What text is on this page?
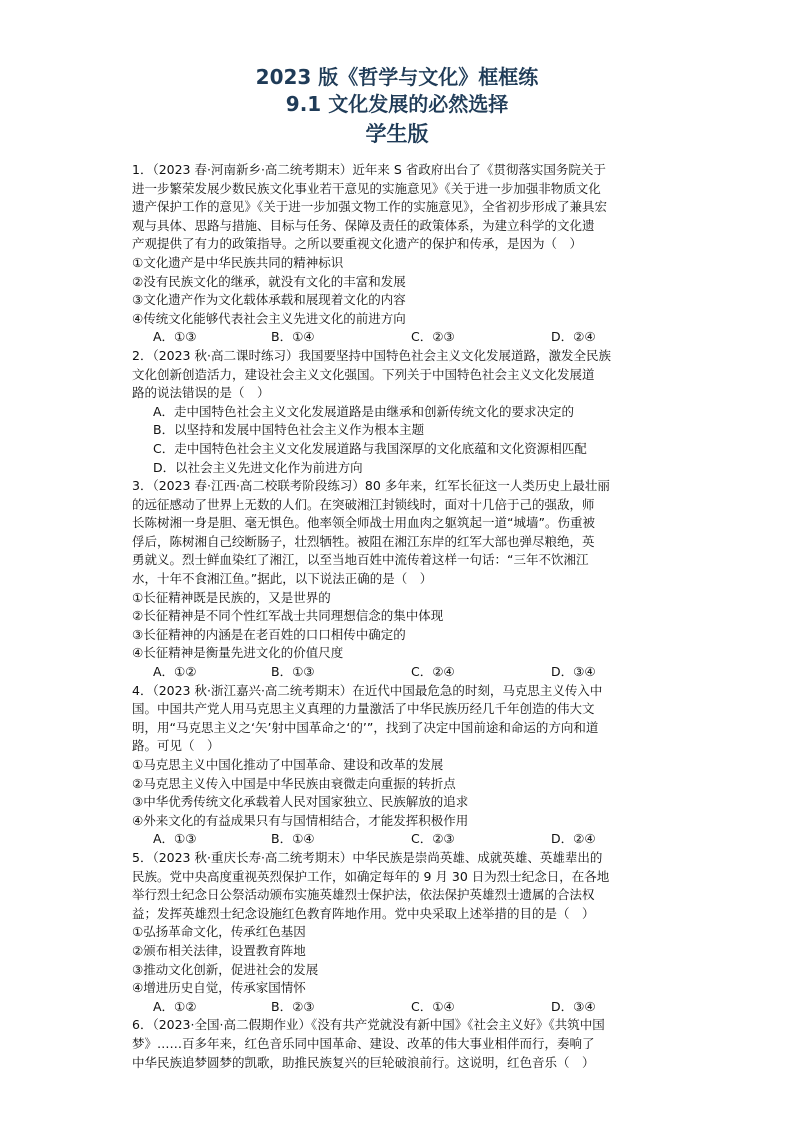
2023 版《哲学与文化》框框练
9.1 文化发展的必然选择
学生版
1．（2023 春·河南新乡·高二统考期末）近年来 S 省政府出台了《贯彻落实国务院关于
进一步繁荣发展少数民族文化事业若干意见的实施意见》《关于进一步加强非物质文化
遗产保护工作的意见》《关于进一步加强文物工作的实施意见》，全省初步形成了兼具宏
观与具体、思路与措施、目标与任务、保障及责任的政策体系，为建立科学的文化遗
产观提供了有力的政策指导。之所以要重视文化遗产的保护和传承，是因为（　）
①文化遗产是中华民族共同的精神标识
②没有民族文化的继承，就没有文化的丰富和发展
③文化遗产作为文化载体承载和展现着文化的内容
④传统文化能够代表社会主义先进文化的前进方向
A．①③	B．①④	C．②③	D．②④
2．（2023 秋·高二课时练习）我国要坚持中国特色社会主义文化发展道路，激发全民族
文化创新创造活力，建设社会主义文化强国。下列关于中国特色社会主义文化发展道
路的说法错误的是（　）
A．走中国特色社会主义文化发展道路是由继承和创新传统文化的要求决定的
B．以坚持和发展中国特色社会主义作为根本主题
C．走中国特色社会主义文化发展道路与我国深厚的文化底蕴和文化资源相匹配
D．以社会主义先进文化作为前进方向
3．（2023 春·江西·高二校联考阶段练习）80 多年来，红军长征这一人类历史上最壮丽
的远征感动了世界上无数的人们。在突破湘江封锁线时，面对十几倍于己的强敌，师
长陈树湘一身是胆、毫无惧色。他率领全师战士用血肉之躯筑起一道“城墙”。伤重被
俘后，陈树湘自己绞断肠子，壮烈牺牲。被阻在湘江东岸的红军大部也弹尽粮绝，英
勇就义。烈士鲜血染红了湘江，以至当地百姓中流传着这样一句话：“三年不饮湘江
水，十年不食湘江鱼。”据此，以下说法正确的是（　）
①长征精神既是民族的，又是世界的
②长征精神是不同个性红军战士共同理想信念的集中体现
③长征精神的内涵是在老百姓的口口相传中确定的
④长征精神是衡量先进文化的价值尺度
A．①②	B．①③	C．②④	D．③④
4．（2023 秋·浙江嘉兴·高二统考期末）在近代中国最危急的时刻，马克思主义传入中
国。中国共产党人用马克思主义真理的力量激活了中华民族历经几千年创造的伟大文
明，用“马克思主义之‘矢’射中国革命之‘的’”，找到了决定中国前途和命运的方向和道
路。可见（　）
①马克思主义中国化推动了中国革命、建设和改革的发展
②马克思主义传入中国是中华民族由衰微走向重振的转折点
③中华优秀传统文化承载着人民对国家独立、民族解放的追求
④外来文化的有益成果只有与国情相结合，才能发挥积极作用
A．①③	B．①④	C．②③	D．②④
5．（2023 秋·重庆长寿·高二统考期末）中华民族是崇尚英雄、成就英雄、英雄辈出的
民族。党中央高度重视英烈保护工作，如确定每年的 9 月 30 日为烈士纪念日，在各地
举行烈士纪念日公祭活动颁布实施英雄烈士保护法，依法保护英雄烈士遗属的合法权
益；发挥英雄烈士纪念设施红色教育阵地作用。党中央采取上述举措的目的是（　）
①弘扬革命文化，传承红色基因
②颁布相关法律，设置教育阵地
③推动文化创新，促进社会的发展
④增进历史自觉，传承家国情怀
A．①②	B．②③	C．①④	D．③④
6．（2023·全国·高二假期作业）《没有共产党就没有新中国》《社会主义好》《共筑中国
梦》……百多年来，红色音乐同中国革命、建设、改革的伟大事业相伴而行，奏响了
中华民族追梦圆梦的凯歌，助推民族复兴的巨轮破浪前行。这说明，红色音乐（　）
